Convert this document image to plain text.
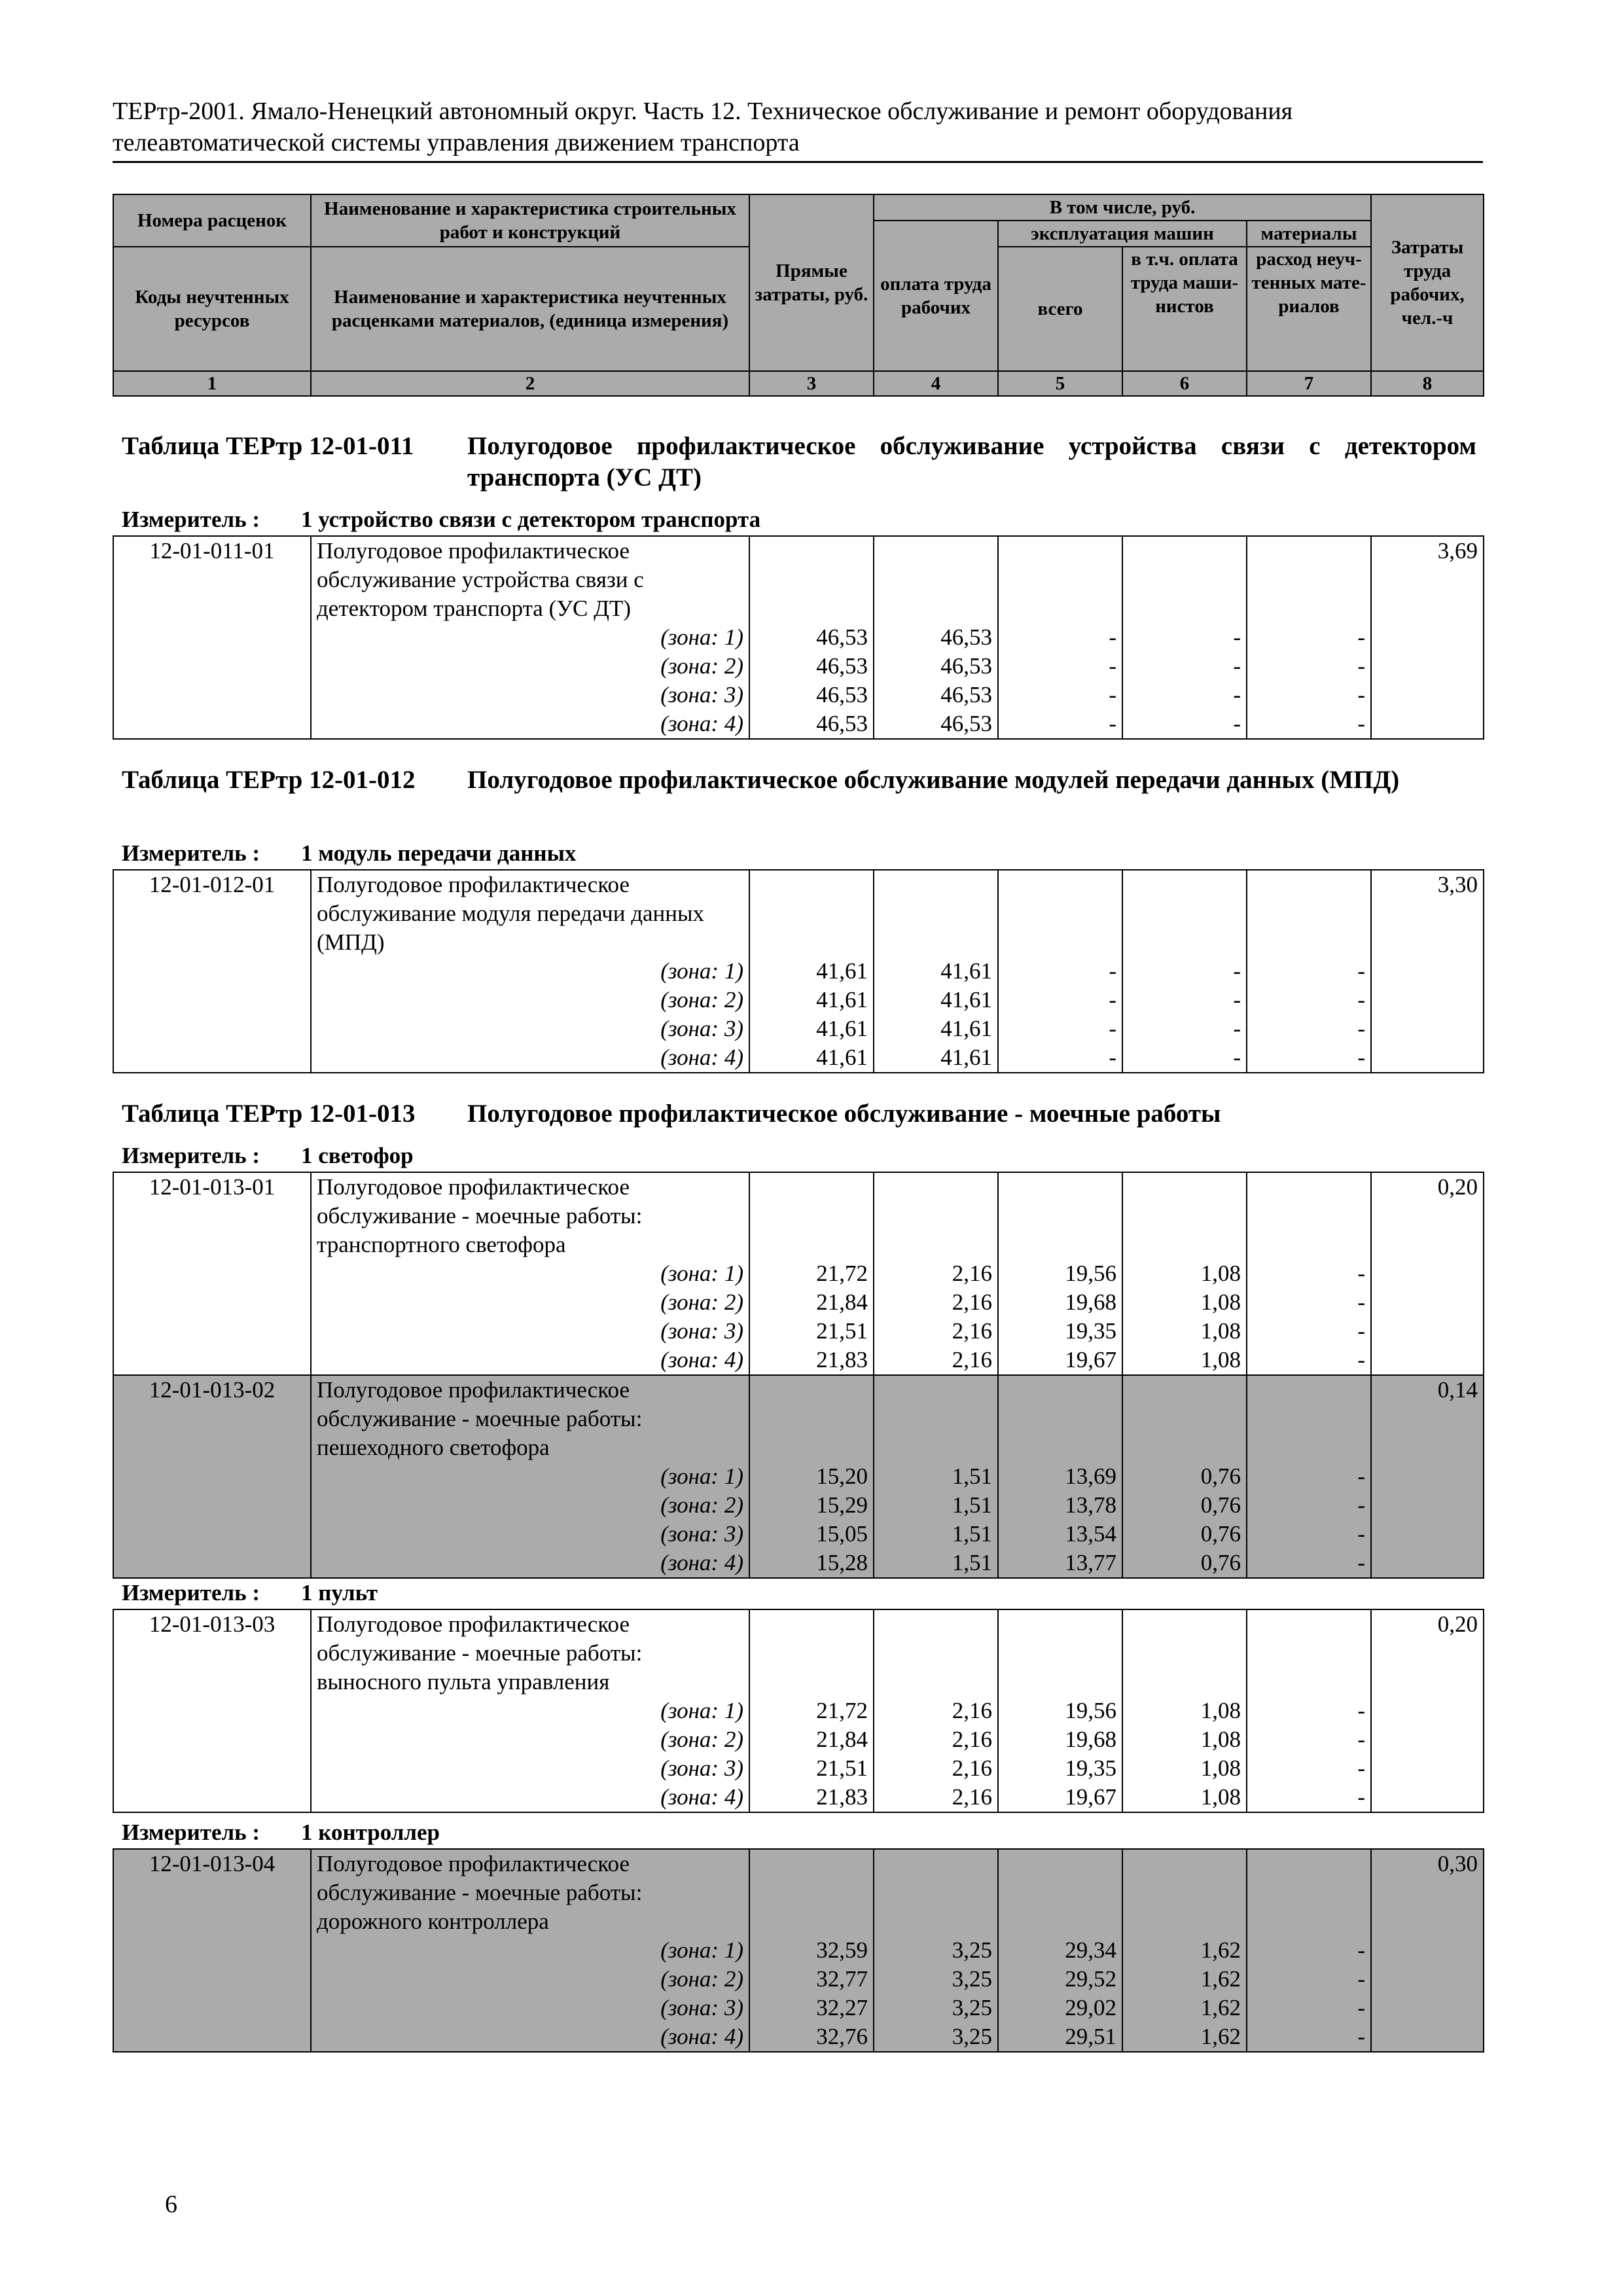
ТЕРтр-2001. Ямало-Ненецкий автономный округ. Часть 12. Техническое обслуживание и ремонт оборудования
телеавтоматической системы управления движением транспорта
Номера расценок	Наименование и характеристика строительных работ и конструкций	Прямые затраты, руб.	В том числе, руб.				Затраты труда рабочих, чел.-ч
			оплата труда рабочих	эксплуатация машин		материалы	
Коды неучтенных ресурсов	Наименование и характеристика неучтенных расценками материалов, (единица измерения)			всего	в т.ч. оплата труда маши-нистов	расход неуч-тенных мате-риалов	

1	2	3	4	5	6	7	8
Таблица ТЕРтр 12-01-011 Полугодовое профилактическое обслуживание устройства связи с детектором транспорта (УС ДТ)
Измеритель : 1 устройство связи с детектором транспорта
12-01-011-01	Полугодовое профилактическое обслуживание устройства связи с детектором транспорта (УС ДТ)						3,69
	(зона: 1)	46,53	46,53	-	-	-	
	(зона: 2)	46,53	46,53	-	-	-	
	(зона: 3)	46,53	46,53	-	-	-	
	(зона: 4)	46,53	46,53	-	-	-	
Таблица ТЕРтр 12-01-012 Полугодовое профилактическое обслуживание модулей передачи данных (МПД)
Измеритель : 1 модуль передачи данных
12-01-012-01	Полугодовое профилактическое обслуживание модуля передачи данных (МПД)						3,30
	(зона: 1)	41,61	41,61	-	-	-	
	(зона: 2)	41,61	41,61	-	-	-	
	(зона: 3)	41,61	41,61	-	-	-	
	(зона: 4)	41,61	41,61	-	-	-	
Таблица ТЕРтр 12-01-013 Полугодовое профилактическое обслуживание - моечные работы
Измеритель : 1 светофор
12-01-013-01	Полугодовое профилактическое обслуживание - моечные работы: транспортного светофора						0,20
	(зона: 1)	21,72	2,16	19,56	1,08	-	
	(зона: 2)	21,84	2,16	19,68	1,08	-	
	(зона: 3)	21,51	2,16	19,35	1,08	-	
	(зона: 4)	21,83	2,16	19,67	1,08	-	
12-01-013-02	Полугодовое профилактическое обслуживание - моечные работы: пешеходного светофора						0,14
	(зона: 1)	15,20	1,51	13,69	0,76	-	
	(зона: 2)	15,29	1,51	13,78	0,76	-	
	(зона: 3)	15,05	1,51	13,54	0,76	-	
	(зона: 4)	15,28	1,51	13,77	0,76	-	
Измеритель : 1 пульт
12-01-013-03	Полугодовое профилактическое обслуживание - моечные работы: выносного пульта управления						0,20
	(зона: 1)	21,72	2,16	19,56	1,08	-	
	(зона: 2)	21,84	2,16	19,68	1,08	-	
	(зона: 3)	21,51	2,16	19,35	1,08	-	
	(зона: 4)	21,83	2,16	19,67	1,08	-	
Измеритель : 1 контроллер
12-01-013-04	Полугодовое профилактическое обслуживание - моечные работы: дорожного контроллера						0,30
	(зона: 1)	32,59	3,25	29,34	1,62	-	
	(зона: 2)	32,77	3,25	29,52	1,62	-	
	(зона: 3)	32,27	3,25	29,02	1,62	-	
	(зона: 4)	32,76	3,25	29,51	1,62	-	
6
